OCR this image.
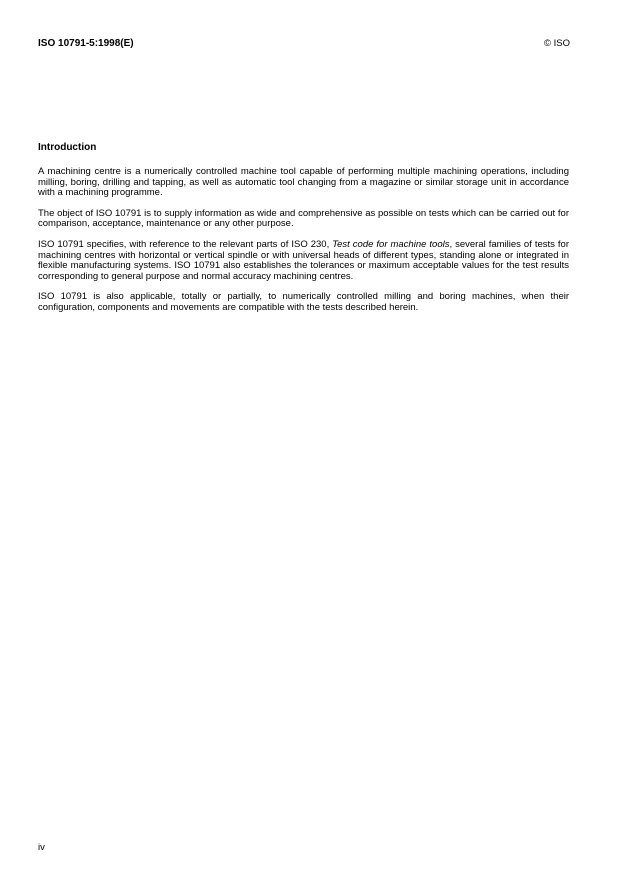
ISO 10791-5:1998(E)	© ISO
Introduction

A machining centre is a numerically controlled machine tool capable of performing multiple machining operations, including milling, boring, drilling and tapping, as well as automatic tool changing from a magazine or similar storage unit in accordance with a machining programme.

The object of ISO 10791 is to supply information as wide and comprehensive as possible on tests which can be carried out for comparison, acceptance, maintenance or any other purpose.

ISO 10791 specifies, with reference to the relevant parts of ISO 230, Test code for machine tools, several families of tests for machining centres with horizontal or vertical spindle or with universal heads of different types, standing alone or integrated in flexible manufacturing systems. ISO 10791 also establishes the tolerances or maximum acceptable values for the test results corresponding to general purpose and normal accuracy machining centres.

ISO 10791 is also applicable, totally or partially, to numerically controlled milling and boring machines, when their configuration, components and movements are compatible with the tests described herein.

iv
